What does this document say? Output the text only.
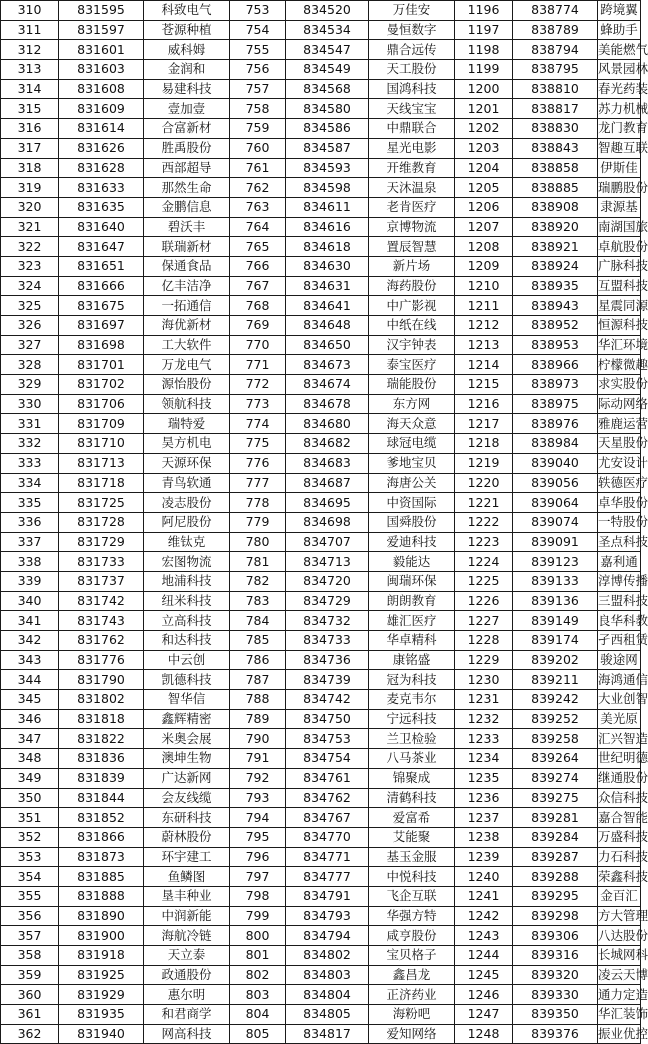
310	831595	科致电气	753	834520	万佳安	1196	838774	跨境翼
311	831597	苍源种植	754	834534	曼恒数字	1197	838789	蜂助手
312	831601	威科姆	755	834547	鼎合远传	1198	838794	美能燃气
313	831603	金润和	756	834549	天工股份	1199	838795	风景园林
314	831608	易建科技	757	834568	国鸿科技	1200	838810	春光药装
315	831609	壹加壹	758	834580	天线宝宝	1201	838817	苏力机械
316	831614	合富新材	759	834586	中鼎联合	1202	838830	龙门教育
317	831626	胜禹股份	760	834587	星光电影	1203	838843	智趣互联
318	831628	西部超导	761	834593	开维教育	1204	838858	伊斯佳
319	831633	那然生命	762	834598	天沐温泉	1205	838885	瑞鹏股份
320	831635	金鹏信息	763	834611	老肯医疗	1206	838908	隶源基
321	831640	碧沃丰	764	834616	京博物流	1207	838920	南湖国旅
322	831647	联瑞新材	765	834618	置辰智慧	1208	838921	卓航股份
323	831651	保通食品	766	834630	新片场	1209	838924	广脉科技
324	831666	亿丰洁净	767	834631	海药股份	1210	838935	互盟科技
325	831675	一拓通信	768	834641	中广影视	1211	838943	星震同源
326	831697	海优新材	769	834648	中纸在线	1212	838952	恒源科技
327	831698	工大软件	770	834650	汉宇钟表	1213	838953	华汇环境
328	831701	万龙电气	771	834673	泰宝医疗	1214	838966	柠檬微趣
329	831702	源怡股份	772	834674	瑞能股份	1215	838973	求实股份
330	831706	领航科技	773	834678	东方网	1216	838975	际动网络
331	831709	瑞特爱	774	834680	海天众意	1217	838976	雅鹿运营
332	831710	昊方机电	775	834682	球冠电缆	1218	838984	天星股份
333	831713	天源环保	776	834683	爹地宝贝	1219	839040	尤安设计
334	831718	青鸟软通	777	834687	海唐公关	1220	839056	轶德医疗
335	831725	凌志股份	778	834695	中资国际	1221	839064	卓华股份
336	831728	阿尼股份	779	834698	国舜股份	1222	839074	一特股份
337	831729	维钛克	780	834707	爱迪科技	1223	839091	圣点科技
338	831733	宏图物流	781	834713	毅能达	1224	839123	嘉利通
339	831737	地浦科技	782	834720	闽瑞环保	1225	839133	淳博传播
340	831742	纽米科技	783	834729	朗朗教育	1226	839136	三盟科技
341	831743	立高科技	784	834732	雄汇医疗	1227	839149	良华科教
342	831762	和达科技	785	834733	华卓精科	1228	839174	孑西租赁
343	831776	中云创	786	834736	康铭盛	1229	839202	骏途网
344	831790	凯德科技	787	834739	冠为科技	1230	839211	海鸿通信
345	831802	智华信	788	834742	麦克韦尔	1231	839242	大业创智
346	831818	鑫辉精密	789	834750	宁远科技	1232	839252	美光原
347	831822	米奥会展	790	834753	兰卫检验	1233	839258	汇兴智造
348	831836	澳坤生物	791	834754	八马茶业	1234	839264	世纪明德
349	831839	广达新网	792	834761	锦聚成	1235	839274	继通股份
350	831844	会友线缆	793	834762	清鹤科技	1236	839275	众信科技
351	831852	东研科技	794	834767	爱富希	1237	839281	嘉合智能
352	831866	蔚林股份	795	834770	艾能聚	1238	839284	万盛科技
353	831873	环宇建工	796	834771	基玉金服	1239	839287	力石科技
354	831885	鱼鳞图	797	834777	中悦科技	1240	839288	荣鑫科技
355	831888	垦丰种业	798	834791	飞企互联	1241	839295	金百汇
356	831890	中润新能	799	834793	华强方特	1242	839298	方大管理
357	831900	海航冷链	800	834794	咸亨股份	1243	839306	八达股份
358	831918	天立泰	801	834802	宝贝格子	1244	839316	长城网科
359	831925	政通股份	802	834803	鑫昌龙	1245	839320	凌云天博
360	831929	惠尔明	803	834804	正济药业	1246	839330	通力定造
361	831935	和君商学	804	834805	海粉吧	1247	839350	华汇装饰
362	831940	网高科技	805	834817	爱知网络	1248	839376	振业优控
